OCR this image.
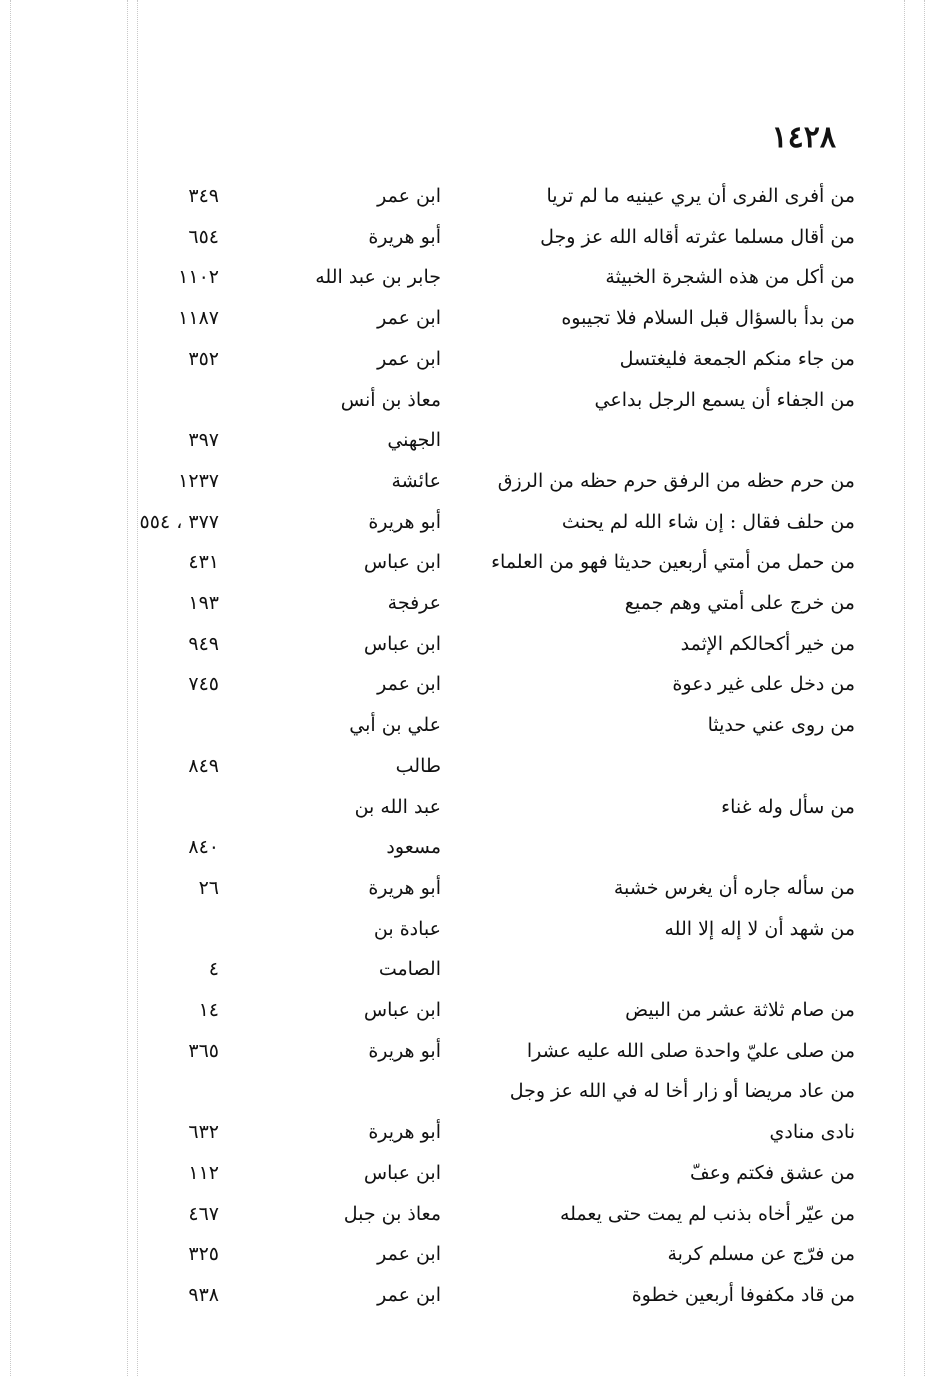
١٤٢٨
من أفرى الفرى أن يري عينيه ما لم تريا
ابن عمر
٣٤٩
من أقال مسلما عثرته أقاله الله عز وجل
أبو هريرة
٦٥٤
من أكل من هذه الشجرة الخبيثة
جابر بن عبد الله
١١٠٢
من بدأ بالسؤال قبل السلام فلا تجيبوه
ابن عمر
١١٨٧
من جاء منكم الجمعة فليغتسل
ابن عمر
٣٥٢
من الجفاء أن يسمع الرجل بداعي
معاذ بن أنس
الجهني
٣٩٧
من حرم حظه من الرفق حرم حظه من الرزق
عائشة
١٢٣٧
من حلف فقال : إن شاء الله لم يحنث
أبو هريرة
٣٧٧ ، ٥٥٤
من حمل من أمتي أربعين حديثا فهو من العلماء
ابن عباس
٤٣١
من خرج على أمتي وهم جميع
عرفجة
١٩٣
من خير أكحالكم الإثمد
ابن عباس
٩٤٩
من دخل على غير دعوة
ابن عمر
٧٤٥
من روى عني حديثا
علي بن أبي
طالب
٨٤٩
من سأل وله غناء
عبد الله بن
مسعود
٨٤٠
من سأله جاره أن يغرس خشبة
أبو هريرة
٢٦
من شهد أن لا إله إلا الله
عبادة بن
الصامت
٤
من صام ثلاثة عشر من البيض
ابن عباس
١٤
من صلى عليّ واحدة صلى الله عليه عشرا
أبو هريرة
٣٦٥
من عاد مريضا أو زار أخا له في الله عز وجل
نادى منادي
أبو هريرة
٦٣٢
من عشق فكتم وعفّ
ابن عباس
١١٢
من عيّر أخاه بذنب لم يمت حتى يعمله
معاذ بن جبل
٤٦٧
من فرّج عن مسلم كربة
ابن عمر
٣٢٥
من قاد مكفوفا أربعين خطوة
ابن عمر
٩٣٨
